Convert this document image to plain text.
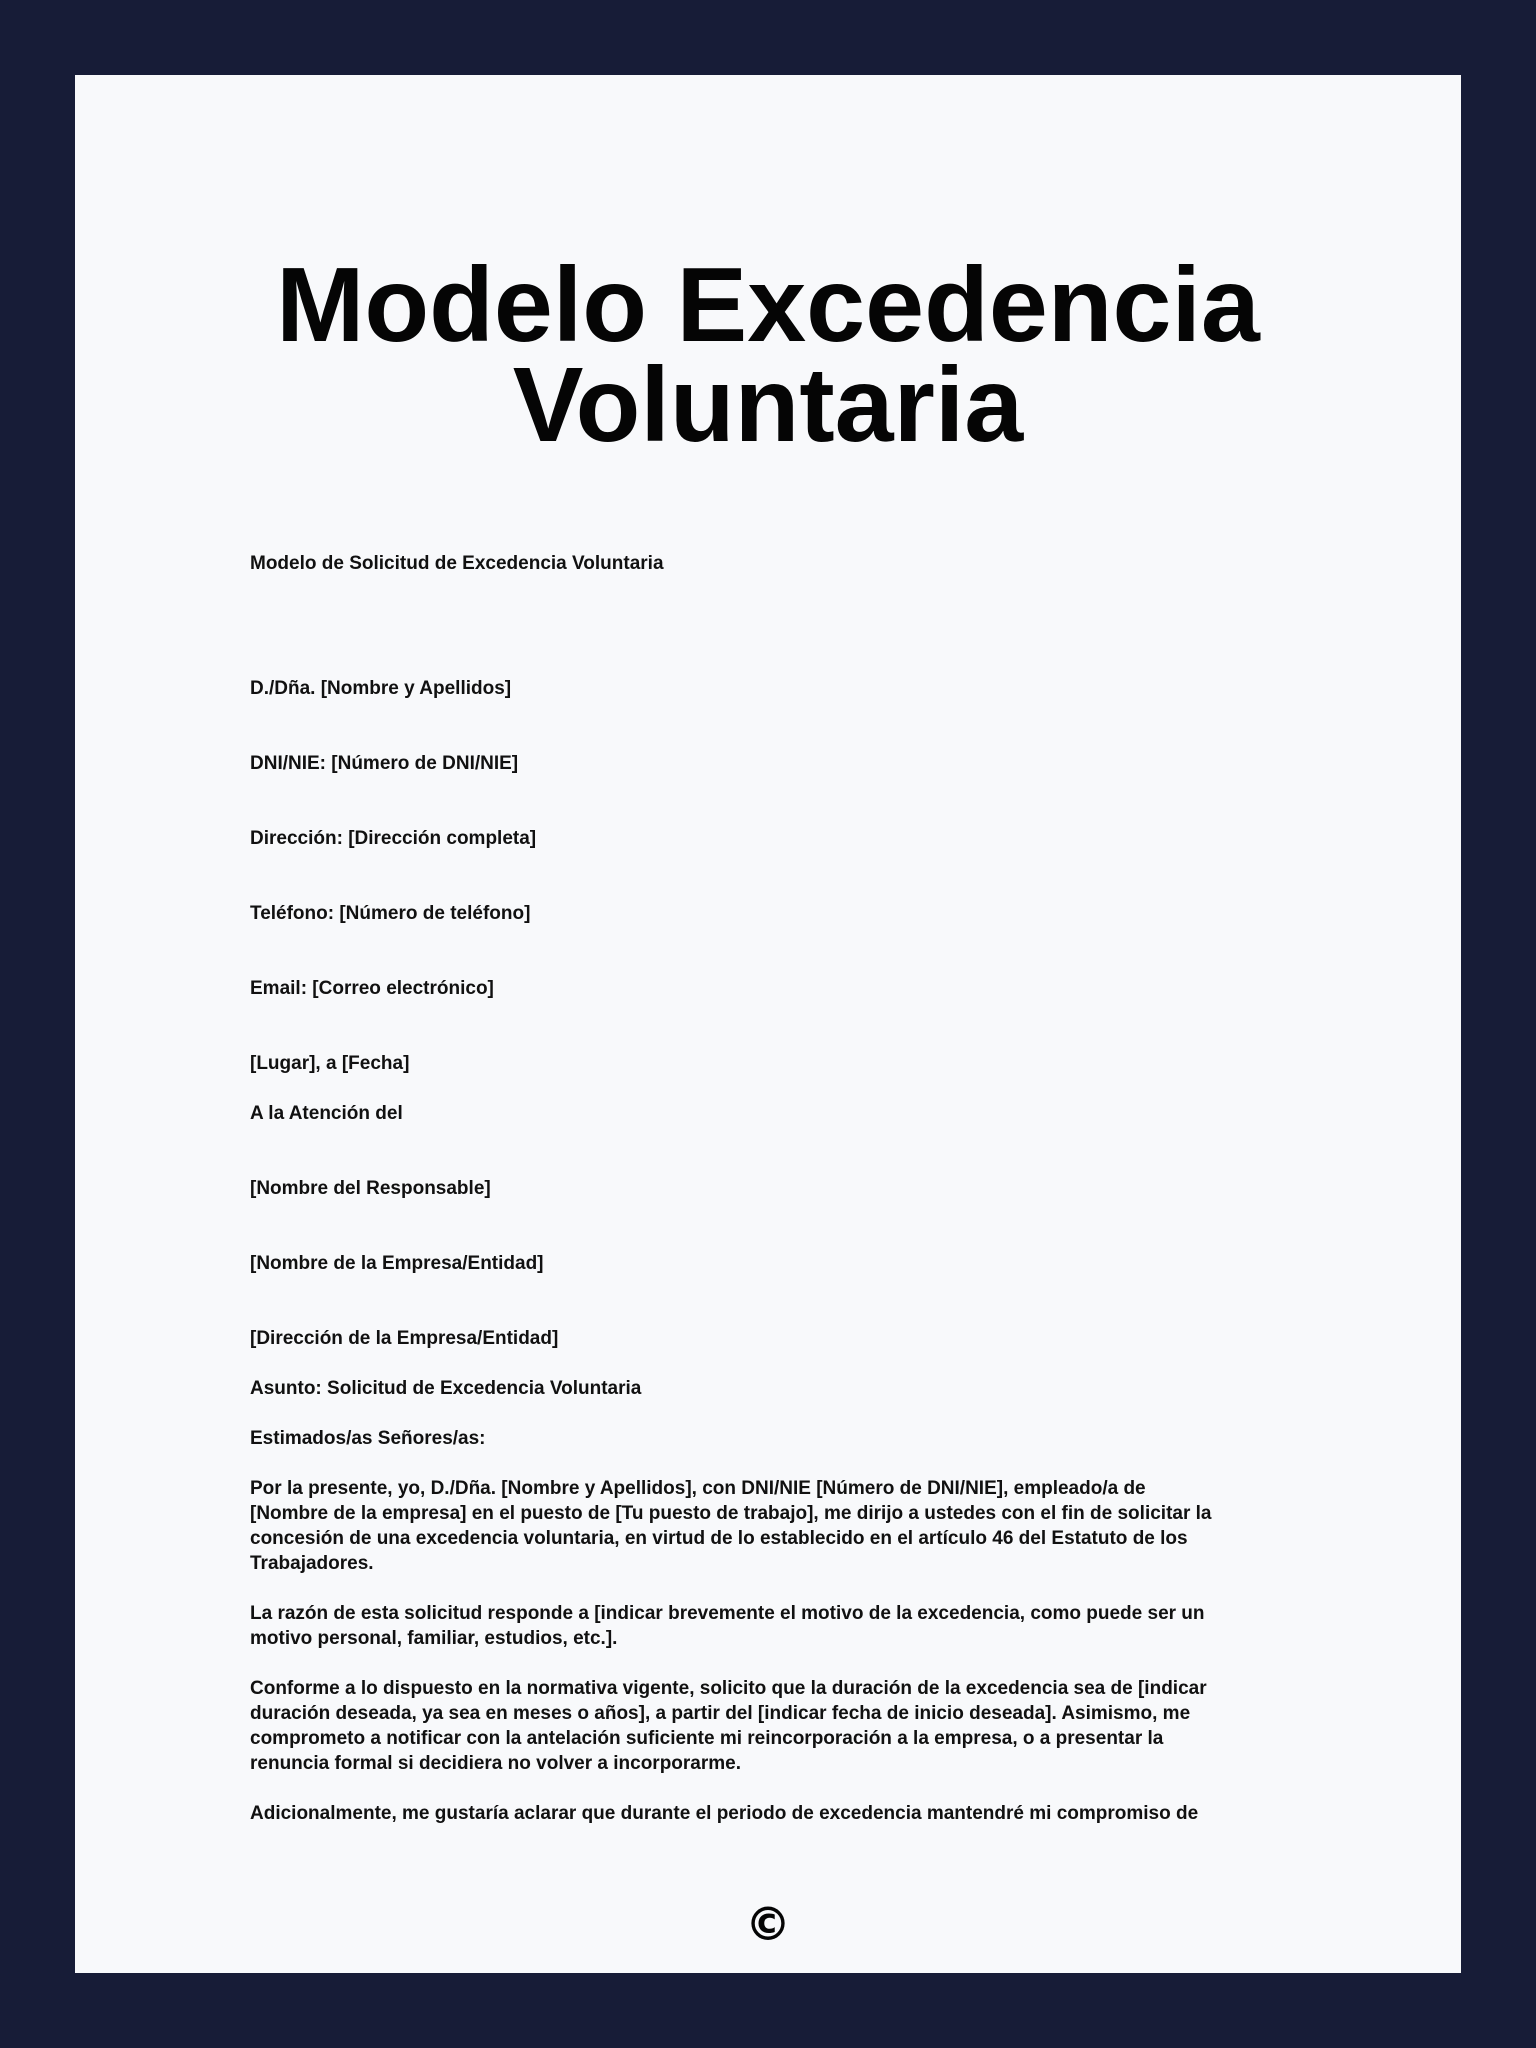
Modelo Excedencia
Voluntaria
Modelo de Solicitud de Excedencia Voluntaria
D./Dña. [Nombre y Apellidos]
DNI/NIE: [Número de DNI/NIE]
Dirección: [Dirección completa]
Teléfono: [Número de teléfono]
Email: [Correo electrónico]
[Lugar], a [Fecha]
A la Atención del
[Nombre del Responsable]
[Nombre de la Empresa/Entidad]
[Dirección de la Empresa/Entidad]
Asunto: Solicitud de Excedencia Voluntaria
Estimados/as Señores/as:
Por la presente, yo, D./Dña. [Nombre y Apellidos], con DNI/NIE [Número de DNI/NIE], empleado/a de
[Nombre de la empresa] en el puesto de [Tu puesto de trabajo], me dirijo a ustedes con el fin de solicitar la
concesión de una excedencia voluntaria, en virtud de lo establecido en el artículo 46 del Estatuto de los
Trabajadores.
La razón de esta solicitud responde a [indicar brevemente el motivo de la excedencia, como puede ser un
motivo personal, familiar, estudios, etc.].
Conforme a lo dispuesto en la normativa vigente, solicito que la duración de la excedencia sea de [indicar
duración deseada, ya sea en meses o años], a partir del [indicar fecha de inicio deseada]. Asimismo, me
comprometo a notificar con la antelación suficiente mi reincorporación a la empresa, o a presentar la
renuncia formal si decidiera no volver a incorporarme.
Adicionalmente, me gustaría aclarar que durante el periodo de excedencia mantendré mi compromiso de
©
